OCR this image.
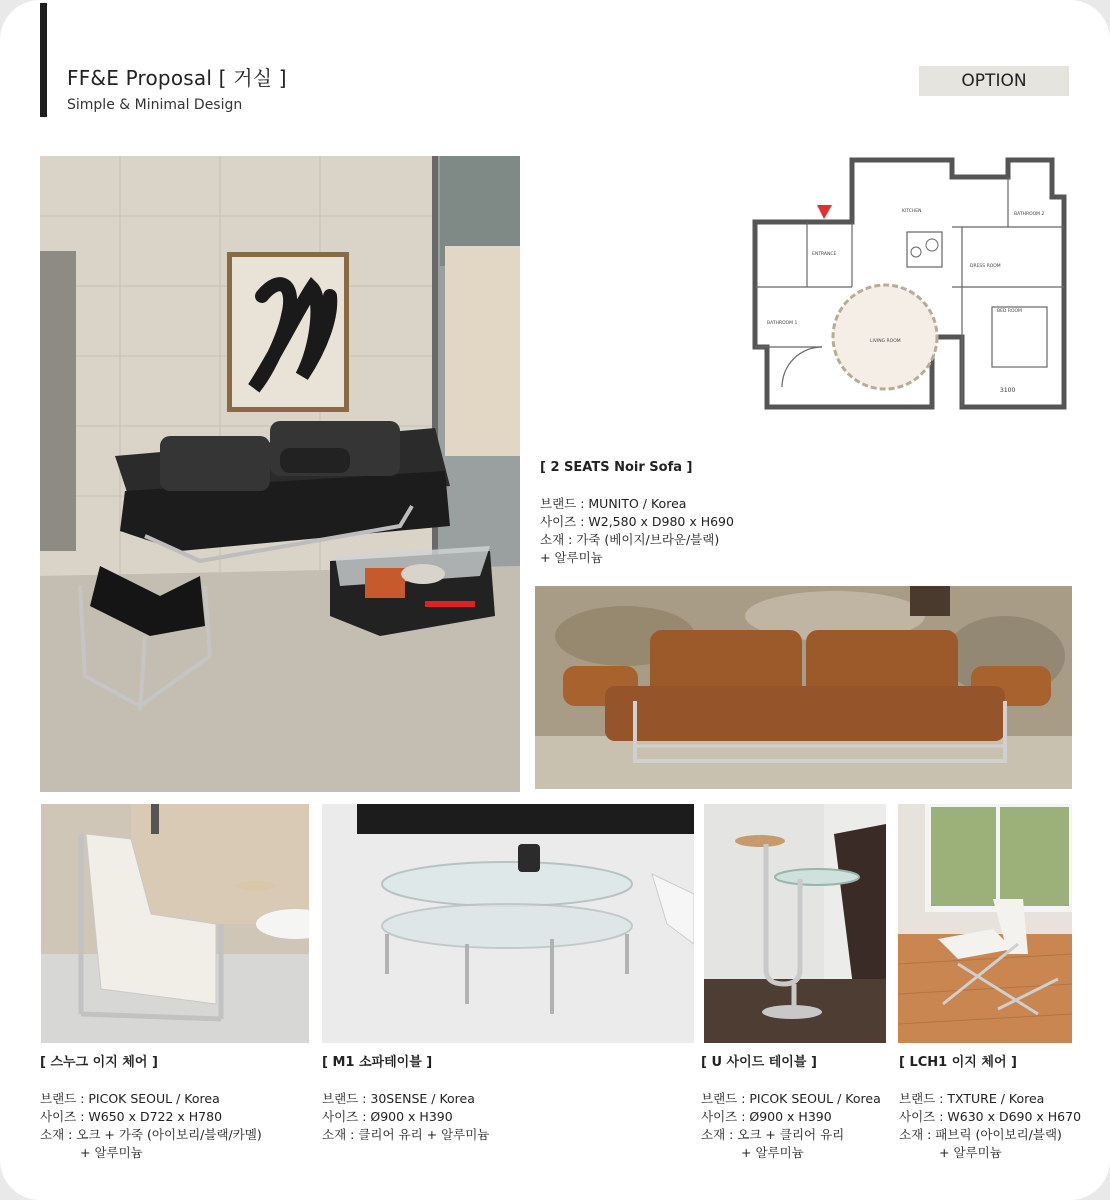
FF&E Proposal [ 거실 ]
Simple & Minimal Design
OPTION
KITCHEN
BATHROOM 2
ENTRANCE
DRESS ROOM
BATHROOM 1
LIVING ROOM
BED ROOM
3100
[ 2 SEATS Noir Sofa ]
브랜드 : MUNITO / Korea
사이즈 : W2,580 x D980 x H690
소재 : 가죽 (베이지/브라운/블랙)
+ 알루미늄
[ 스누그 이지 체어 ]
브랜드 : PICOK SEOUL / Korea
사이즈 : W650 x D722 x H780
소재 : 오크 + 가죽 (아이보리/블랙/카멜)
+ 알루미늄
[ M1 소파테이블 ]
브랜드 : 30SENSE / Korea
사이즈 : Ø900 x H390
소재 : 클리어 유리 + 알루미늄
[ U 사이드 테이블 ]
브랜드 : PICOK SEOUL / Korea
사이즈 : Ø900 x H390
소재 : 오크 + 클리어 유리
+ 알루미늄
[ LCH1 이지 체어 ]
브랜드 : TXTURE / Korea
사이즈 : W630 x D690 x H670
소재 : 패브릭 (아이보리/블랙)
+ 알루미늄
